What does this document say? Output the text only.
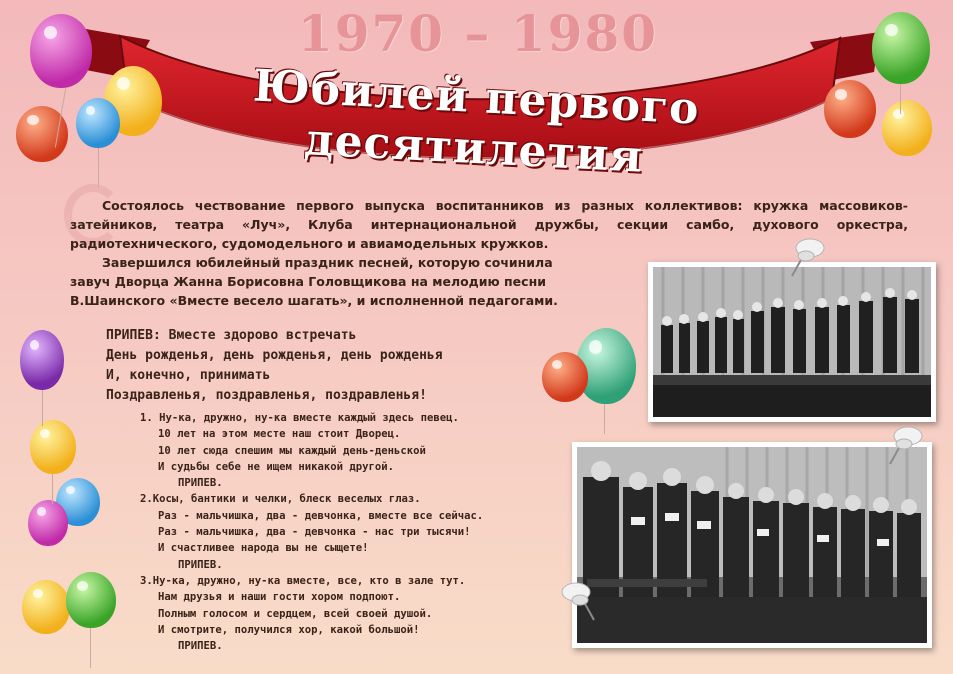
1970 – 1980
Юбилей первого десятилетия

Состоялось чествование первого выпуска воспитанников из разных коллективов: кружка массовиков-затейников, театра «Луч», Клуба интернациональной дружбы, секции самбо, духового оркестра, радиотехнического, судомодельного и авиамодельных кружков.

Завершился юбилейный праздник песней, которую сочинила
завуч Дворца Жанна Борисовна Головщикова на мелодию песни
В.Шаинского «Вместе весело шагать», и исполненной педагогами.

ПРИПЕВ: Вместе здорово встречать
День рожденья, день рожденья, день рожденья
И, конечно, принимать
Поздравленья, поздравленья, поздравленья!
1. Ну-ка, дружно, ну-ка вместе каждый здесь певец.
10 лет на этом месте наш стоит Дворец.
10 лет сюда спешим мы каждый день-деньской
И судьбы себе не ищем никакой другой.
ПРИПЕВ.
2.Косы, бантики и челки, блеск веселых глаз.
Раз - мальчишка, два - девчонка, вместе все сейчас.
Раз - мальчишка, два - девчонка - нас три тысячи!
И счастливее народа вы не сыщете!
ПРИПЕВ.
3.Ну-ка, дружно, ну-ка вместе, все, кто в зале тут.
Нам друзья и наши гости хором подпоют.
Полным голосом и сердцем, всей своей душой.
И смотрите, получился хор, какой большой!
ПРИПЕВ.
